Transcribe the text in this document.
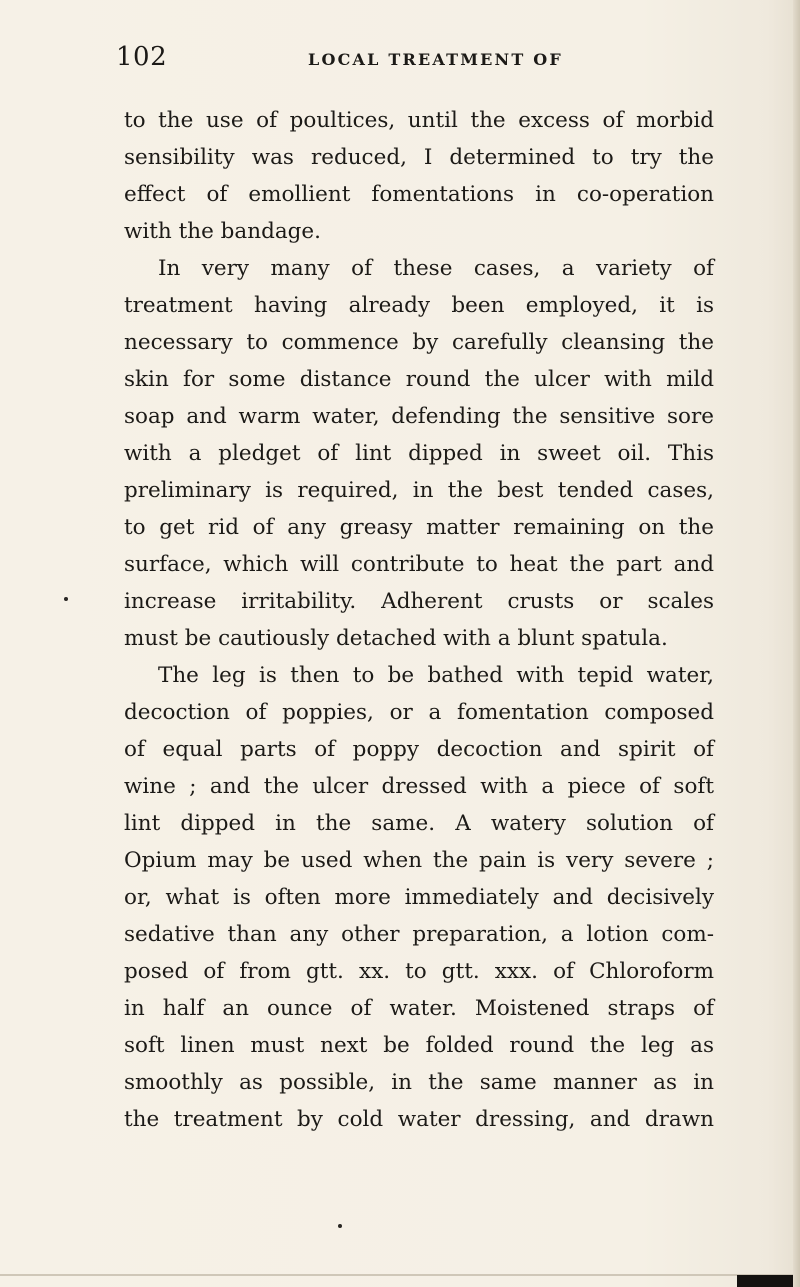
102	LOCAL TREATMENT OF
to the use of poultices, until the excess of morbid
sensibility was reduced, I determined to try the
effect of emollient fomentations in co-operation
with the bandage.
In very many of these cases, a variety of
treatment having already been employed, it is
necessary to commence by carefully cleansing the
skin for some distance round the ulcer with mild
soap and warm water, defending the sensitive sore
with a pledget of lint dipped in sweet oil. This
preliminary is required, in the best tended cases,
to get rid of any greasy matter remaining on the
surface, which will contribute to heat the part and
increase irritability. Adherent crusts or scales
must be cautiously detached with a blunt spatula.
The leg is then to be bathed with tepid water,
decoction of poppies, or a fomentation composed
of equal parts of poppy decoction and spirit of
wine ; and the ulcer dressed with a piece of soft
lint dipped in the same. A watery solution of
Opium may be used when the pain is very severe ;
or, what is often more immediately and decisively
sedative than any other preparation, a lotion com-
posed of from gtt. xx. to gtt. xxx. of Chloroform
in half an ounce of water. Moistened straps of
soft linen must next be folded round the leg as
smoothly as possible, in the same manner as in
the treatment by cold water dressing, and drawn
